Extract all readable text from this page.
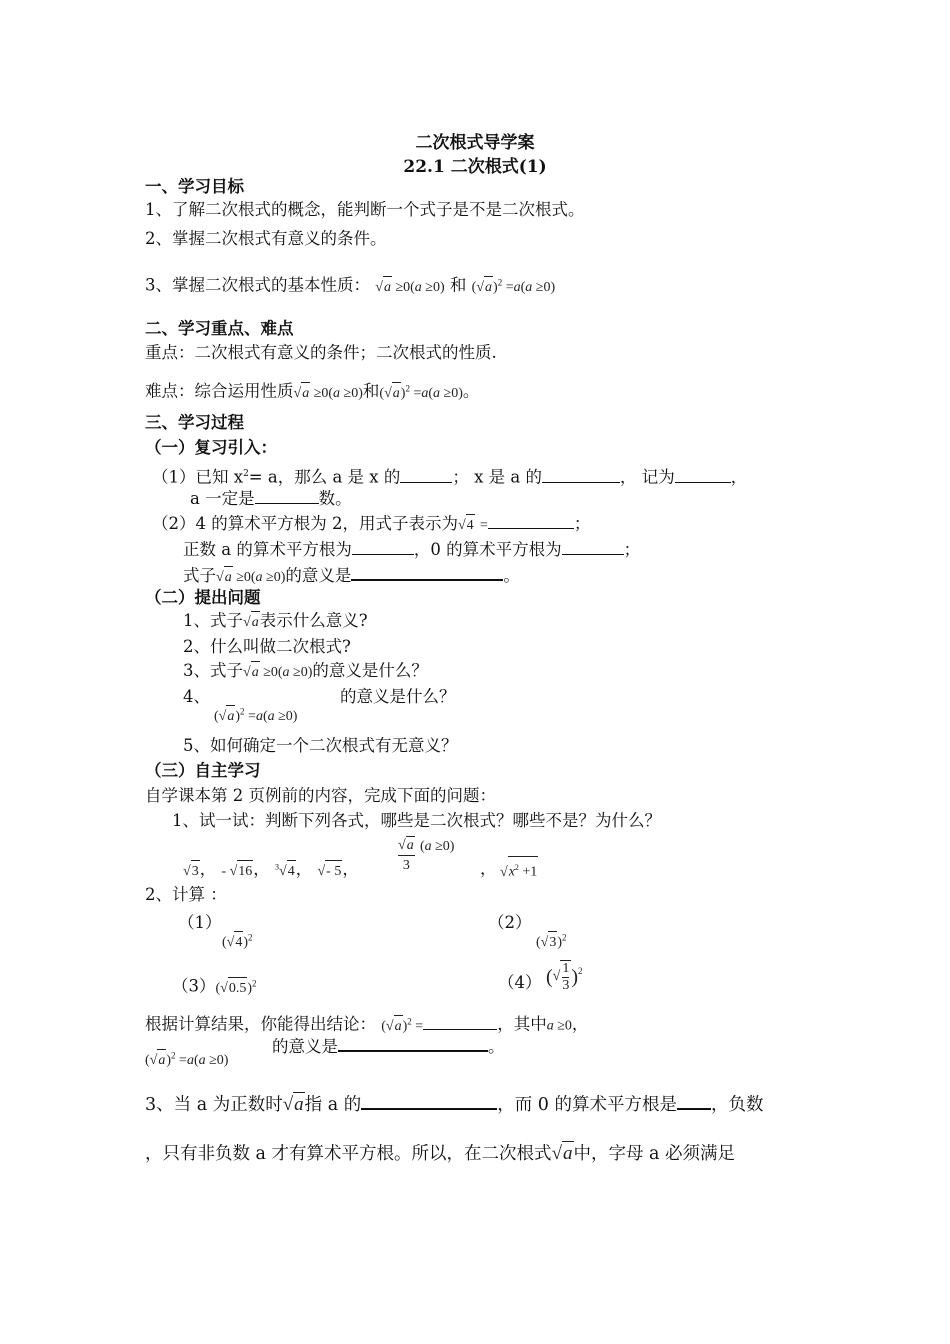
二次根式导学案
22.1 二次根式(1)
一、学习目标
1、了解二次根式的概念，能判断一个式子是不是二次根式。
2、掌握二次根式有意义的条件。
3、掌握二次根式的基本性质： √a ≥0(a ≥0) 和 $(√a)^2 =a(a \ge 0)$
二、学习重点、难点
重点：二次根式有意义的条件；二次根式的性质.
难点：综合运用性质√a ≥0(a ≥0)和$(√a)^2 =a(a \ge 0)$。
三、学习过程
（一）复习引入：
（1）已知 $x^2= a$，那么 a 是 x 的	； x 是 a 的	， 记为	，
a 一定是	数。
（2）4 的算术平方根为 2，用式子表示为√4 =	；
正数 a 的算术平方根为	，0 的算术平方根为	；
式子√a ≥0(a ≥0)的意义是	。
（二）提出问题
1、式子√a表示什么意义?
2、什么叫做二次根式?
3、式子√a ≥0(a ≥0)的意义是什么？
4、
$(√a)^2 =a(a \ge 0)$
的意义是什么？
5、如何确定一个二次根式有无意义？
（三）自主学习
自学课本第 2 页例前的内容，完成下面的问题：
1、试一试：判断下列各式，哪些是二次根式？哪些不是？为什么？
√3， - √16， $^3$√4， √- 5，	$\frac{√a}{3} ^{(a \ge 0)}$
， $√x^2 +1$
2、计算 ：
（1）
$(√4)^2$
（2）
$(√3)^2$
$(3)(√0.5)^2$	（4） (√ $\frac{1}{3} )^2$
根据计算结果，你能得出结论： $(√a)^2$ =	，其中a ≥0，
$(√a)^2 =a(a \ge 0)$
的意义是	。
3、当 a 为正数时√a指 a 的	，而 0 的算术平方根是 ，负数
，只有非负数 a 才有算术平方根。所以，在二次根式√a中，字母 a 必须满足
